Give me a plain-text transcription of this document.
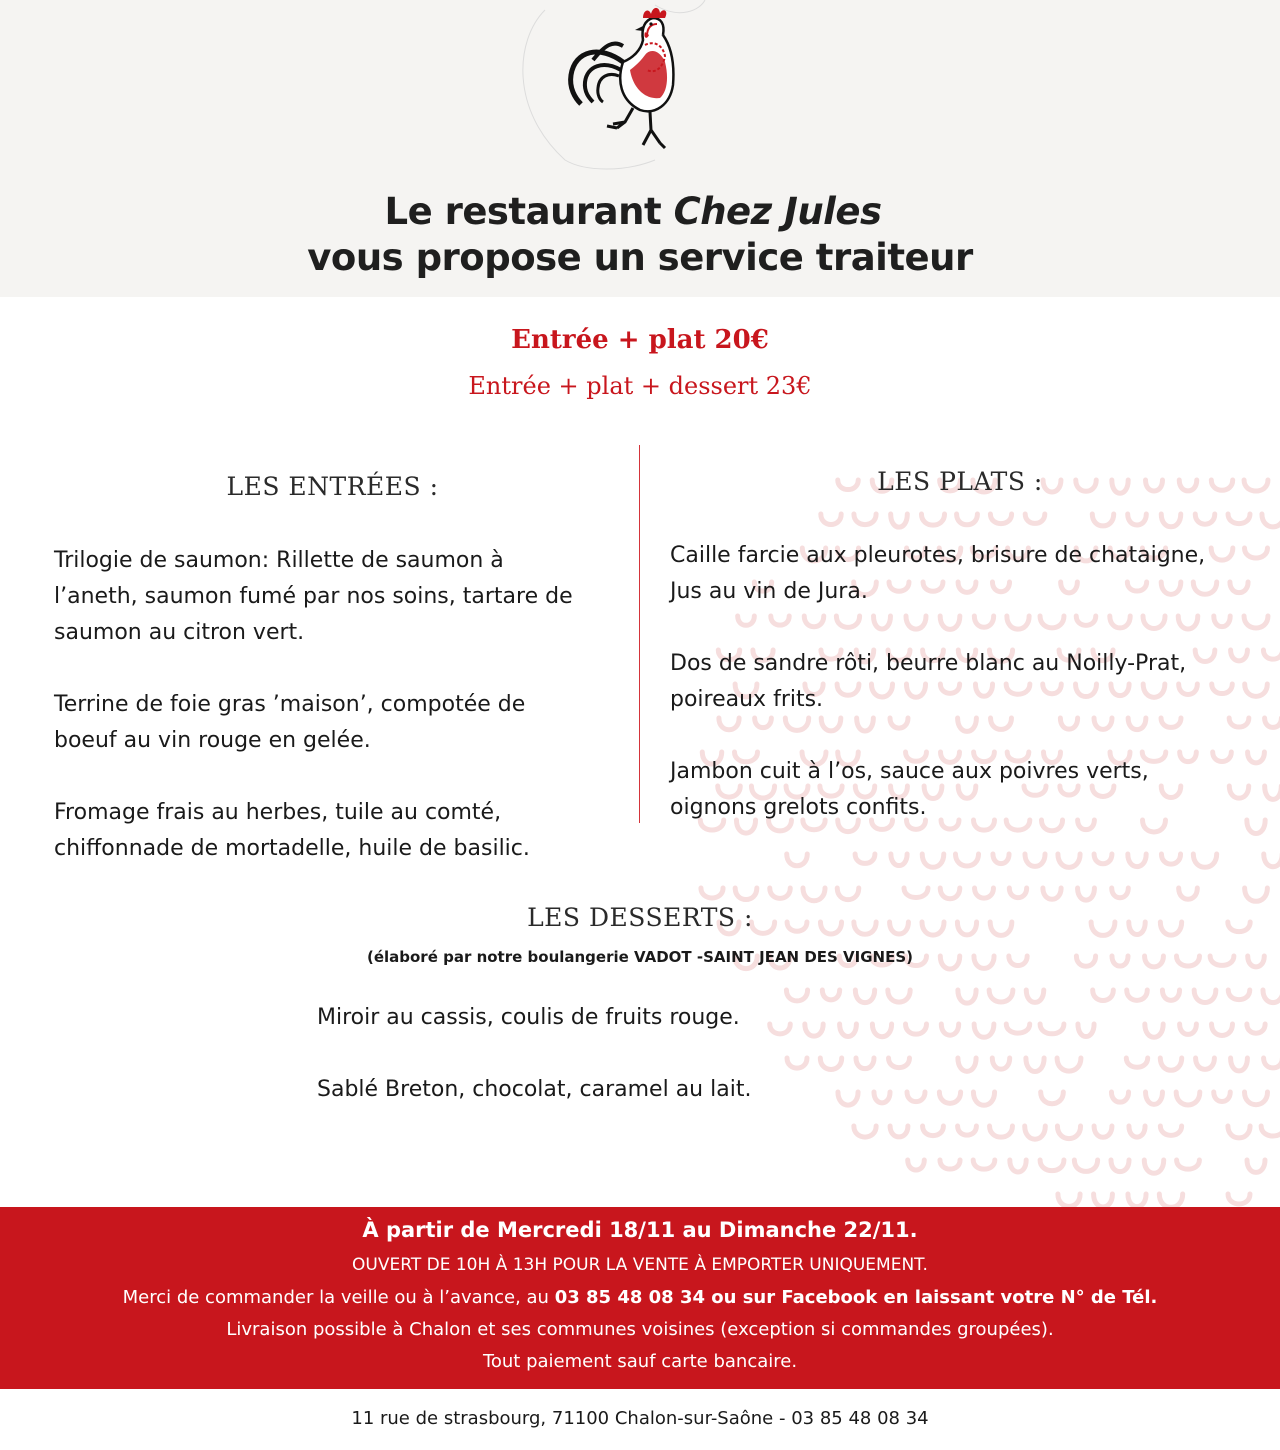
Le restaurant Chez Jules
vous propose un service traiteur
Entrée + plat 20€
Entrée + plat + dessert 23€
LES ENTRÉES :
Trilogie de saumon: Rillette de saumon à
l’aneth, saumon fumé par nos soins, tartare de
saumon au citron vert.
Terrine de foie gras ’maison’, compotée de
boeuf au vin rouge en gelée.
Fromage frais au herbes, tuile au comté,
chiffonnade de mortadelle, huile de basilic.
LES PLATS :
Caille farcie aux pleurotes, brisure de chataigne,
Jus au vin de Jura.
Dos de sandre rôti, beurre blanc au Noilly-Prat,
poireaux frits.
Jambon cuit à l’os, sauce aux poivres verts,
oignons grelots confits.
LES DESSERTS :
(élaboré par notre boulangerie VADOT -SAINT JEAN DES VIGNES)
Miroir au cassis, coulis de fruits rouge.
Sablé Breton, chocolat, caramel au lait.
À partir de Mercredi 18/11 au Dimanche 22/11.
OUVERT DE 10H À 13H POUR LA VENTE À EMPORTER UNIQUEMENT.
Merci de commander la veille ou à l’avance, au 03 85 48 08 34 ou sur Facebook en laissant votre N° de Tél.
Livraison possible à Chalon et ses communes voisines (exception si commandes groupées).
Tout paiement sauf carte bancaire.
11 rue de strasbourg, 71100 Chalon-sur-Saône - 03 85 48 08 34
